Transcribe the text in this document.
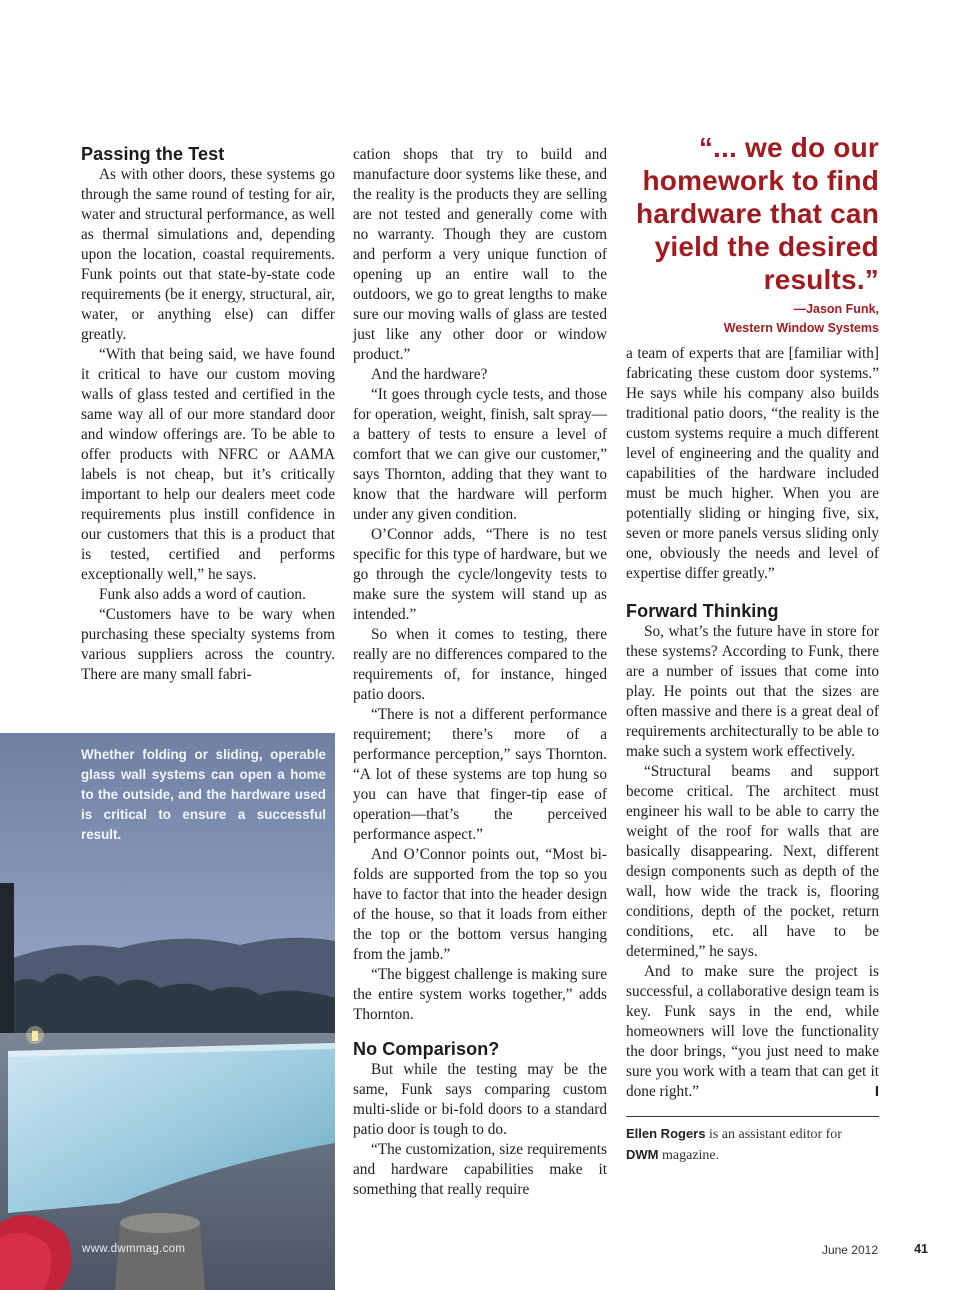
Passing the Test

As with other doors, these systems go through the same round of testing for air, water and structural performance, as well as thermal simulations and, depending upon the location, coastal requirements. Funk points out that state-by-state code requirements (be it energy, structural, air, water, or anything else) can differ greatly.

“With that being said, we have found it critical to have our custom moving walls of glass tested and certified in the same way all of our more standard door and window offerings are. To be able to offer products with NFRC or AAMA labels is not cheap, but it’s critically important to help our dealers meet code requirements plus instill confidence in our customers that this is a product that is tested, certified and performs exceptionally well,” he says.

Funk also adds a word of caution.

“Customers have to be wary when purchasing these specialty systems from various suppliers across the country. There are many small fabri-

cation shops that try to build and manufacture door systems like these, and the reality is the products they are selling are not tested and generally come with no warranty. Though they are custom and perform a very unique function of opening up an entire wall to the outdoors, we go to great lengths to make sure our moving walls of glass are tested just like any other door or window product.”

And the hardware?

“It goes through cycle tests, and those for operation, weight, finish, salt spray—a battery of tests to ensure a level of comfort that we can give our customer,” says Thornton, adding that they want to know that the hardware will perform under any given condition.

O’Connor adds, “There is no test specific for this type of hardware, but we go through the cycle/longevity tests to make sure the system will stand up as intended.”

So when it comes to testing, there really are no differences compared to the requirements of, for instance, hinged patio doors.

“There is not a different performance requirement; there’s more of a performance perception,” says Thornton. “A lot of these systems are top hung so you can have that finger-tip ease of operation—that’s the perceived performance aspect.”

And O’Connor points out, “Most bi-folds are supported from the top so you have to factor that into the header design of the house, so that it loads from either the top or the bottom versus hanging from the jamb.”

“The biggest challenge is making sure the entire system works together,” adds Thornton.

No Comparison?

But while the testing may be the same, Funk says comparing custom multi-slide or bi-fold doors to a standard patio door is tough to do.

“The customization, size requirements and hardware capabilities make it something that really require

“... we do our homework to find hardware that can yield the desired results.”
—Jason Funk,
Western Window Systems

a team of experts that are [familiar with] fabricating these custom door systems.” He says while his company also builds traditional patio doors, “the reality is the custom systems require a much different level of engineering and the quality and capabilities of the hardware included must be much higher. When you are potentially sliding or hinging five, six, seven or more panels versus sliding only one, obviously the needs and level of expertise differ greatly.”

Forward Thinking

So, what’s the future have in store for these systems? According to Funk, there are a number of issues that come into play. He points out that the sizes are often massive and there is a great deal of requirements architecturally to be able to make such a system work effectively.

“Structural beams and support become critical. The architect must engineer his wall to be able to carry the weight of the roof for walls that are basically disappearing. Next, different design components such as depth of the wall, how wide the track is, flooring conditions, depth of the pocket, return conditions, etc. all have to be determined,” he says.

And to make sure the project is successful, a collaborative design team is key. Funk says in the end, while homeowners will love the functionality the door brings, “you just need to make sure you work with a team that can get it done right.”	I

Ellen Rogers is an assistant editor for
DWM magazine.
Whether folding or sliding, operable glass wall systems can open a home to the outside, and the hardware used is critical to ensure a successful result.
www.dwmmag.com	June 2012	41
